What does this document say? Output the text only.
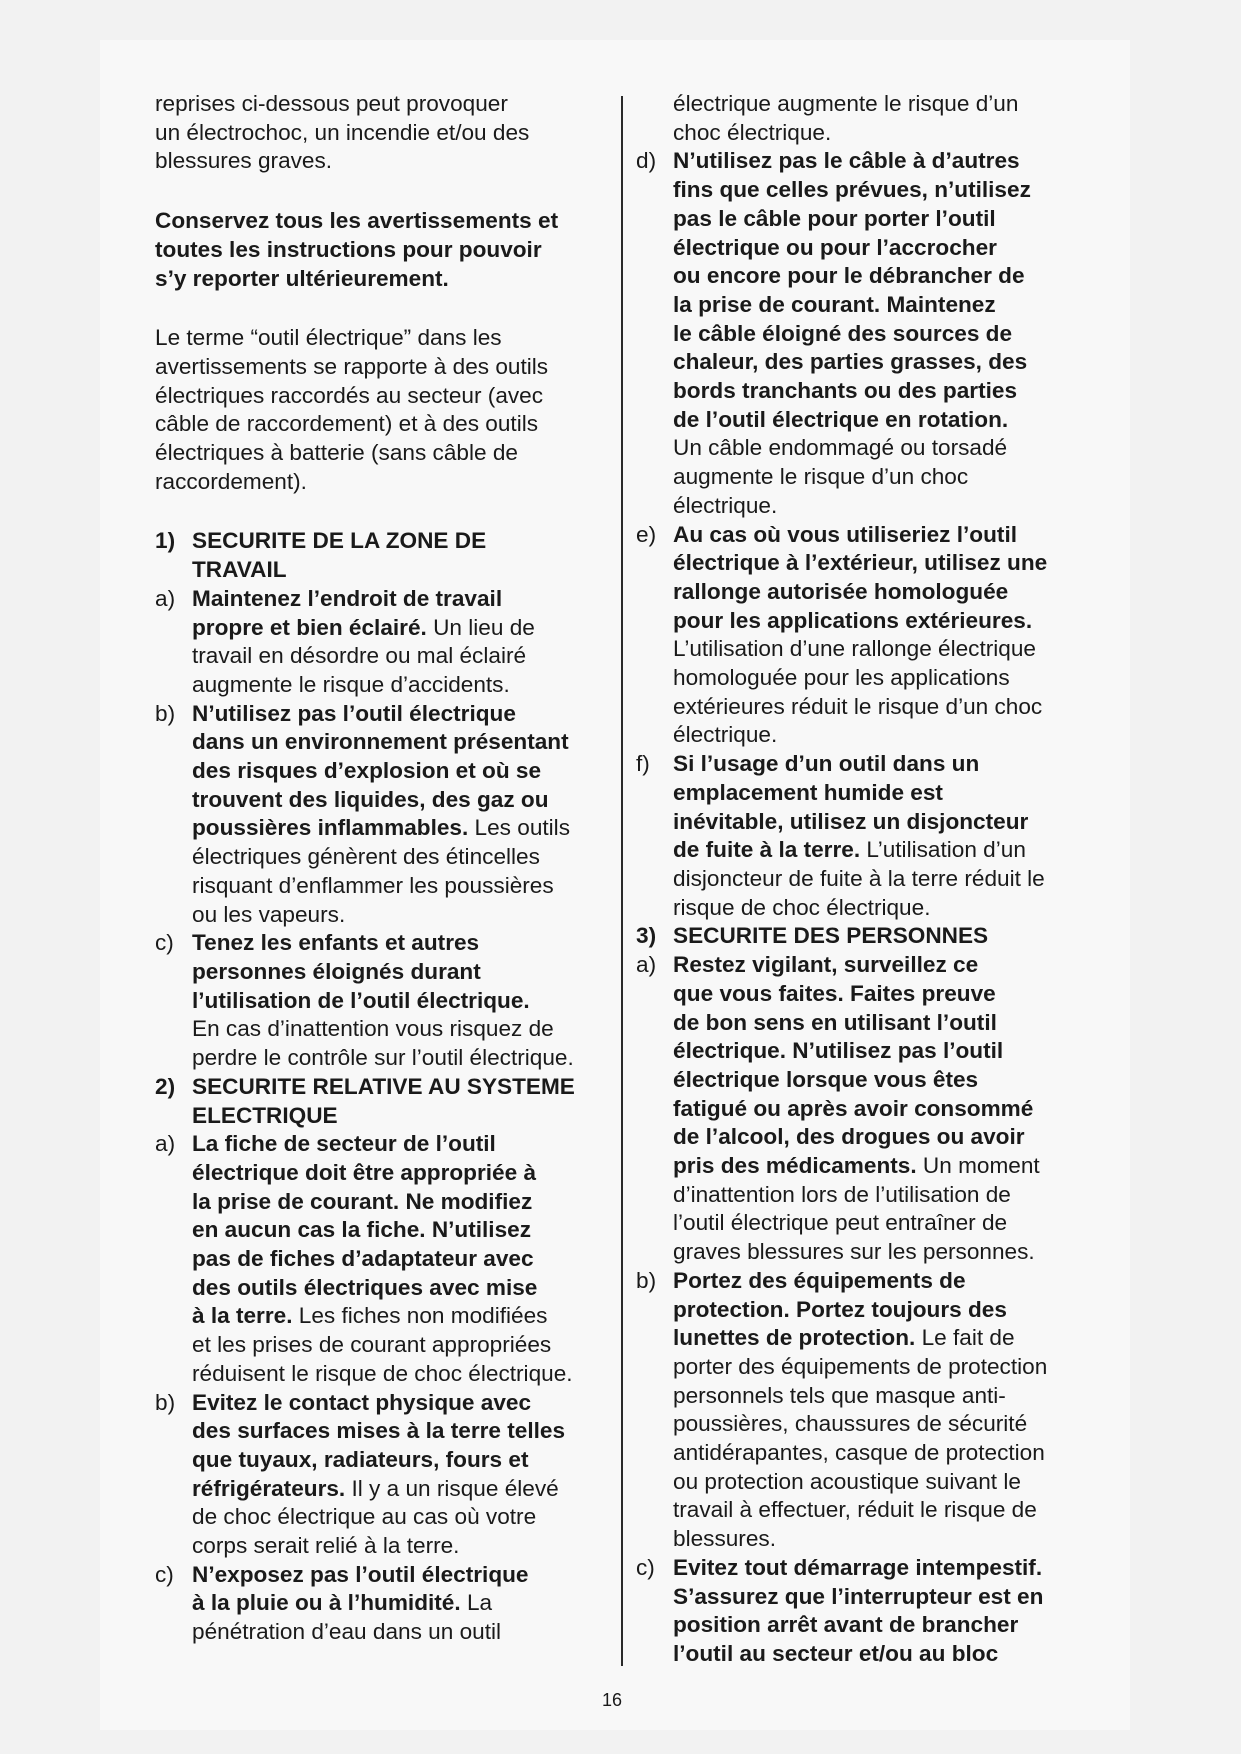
reprises ci-dessous peut provoquer
un électrochoc, un incendie et/ou des
blessures graves.

Conservez tous les avertissements et
toutes les instructions pour pouvoir
s’y reporter ultérieurement.

Le terme “outil électrique” dans les
avertissements se rapporte à des outils
électriques raccordés au secteur (avec
câble de raccordement) et à des outils
électriques à batterie (sans câble de
raccordement).

1) SECURITE DE LA ZONE DE
TRAVAIL
a) Maintenez l’endroit de travail
propre et bien éclairé. Un lieu de
travail en désordre ou mal éclairé
augmente le risque d’accidents.
b) N’utilisez pas l’outil électrique
dans un environnement présentant
des risques d’explosion et où se
trouvent des liquides, des gaz ou
poussières inflammables. Les outils
électriques génèrent des étincelles
risquant d’enflammer les poussières
ou les vapeurs.
c) Tenez les enfants et autres
personnes éloignés durant
l’utilisation de l’outil électrique.
En cas d’inattention vous risquez de
perdre le contrôle sur l’outil électrique.
2) SECURITE RELATIVE AU SYSTEME
ELECTRIQUE
a) La fiche de secteur de l’outil
électrique doit être appropriée à
la prise de courant. Ne modifiez
en aucun cas la fiche. N’utilisez
pas de fiches d’adaptateur avec
des outils électriques avec mise
à la terre. Les fiches non modifiées
et les prises de courant appropriées
réduisent le risque de choc électrique.
b) Evitez le contact physique avec
des surfaces mises à la terre telles
que tuyaux, radiateurs, fours et
réfrigérateurs. Il y a un risque élevé
de choc électrique au cas où votre
corps serait relié à la terre.
c) N’exposez pas l’outil électrique
à la pluie ou à l’humidité. La
pénétration d’eau dans un outil
électrique augmente le risque d’un
choc électrique.
d) N’utilisez pas le câble à d’autres
fins que celles prévues, n’utilisez
pas le câble pour porter l’outil
électrique ou pour l’accrocher
ou encore pour le débrancher de
la prise de courant. Maintenez
le câble éloigné des sources de
chaleur, des parties grasses, des
bords tranchants ou des parties
de l’outil électrique en rotation.
Un câble endommagé ou torsadé
augmente le risque d’un choc
électrique.
e) Au cas où vous utiliseriez l’outil
électrique à l’extérieur, utilisez une
rallonge autorisée homologuée
pour les applications extérieures.
L’utilisation d’une rallonge électrique
homologuée pour les applications
extérieures réduit le risque d’un choc
électrique.
f) Si l’usage d’un outil dans un
emplacement humide est
inévitable, utilisez un disjoncteur
de fuite à la terre. L’utilisation d’un
disjoncteur de fuite à la terre réduit le
risque de choc électrique.
3) SECURITE DES PERSONNES
a) Restez vigilant, surveillez ce
que vous faites. Faites preuve
de bon sens en utilisant l’outil
électrique. N’utilisez pas l’outil
électrique lorsque vous êtes
fatigué ou après avoir consommé
de l’alcool, des drogues ou avoir
pris des médicaments. Un moment
d’inattention lors de l’utilisation de
l’outil électrique peut entraîner de
graves blessures sur les personnes.
b) Portez des équipements de
protection. Portez toujours des
lunettes de protection. Le fait de
porter des équipements de protection
personnels tels que masque anti-
poussières, chaussures de sécurité
antidérapantes, casque de protection
ou protection acoustique suivant le
travail à effectuer, réduit le risque de
blessures.
c) Evitez tout démarrage intempestif.
S’assurez que l’interrupteur est en
position arrêt avant de brancher
l’outil au secteur et/ou au bloc
16
